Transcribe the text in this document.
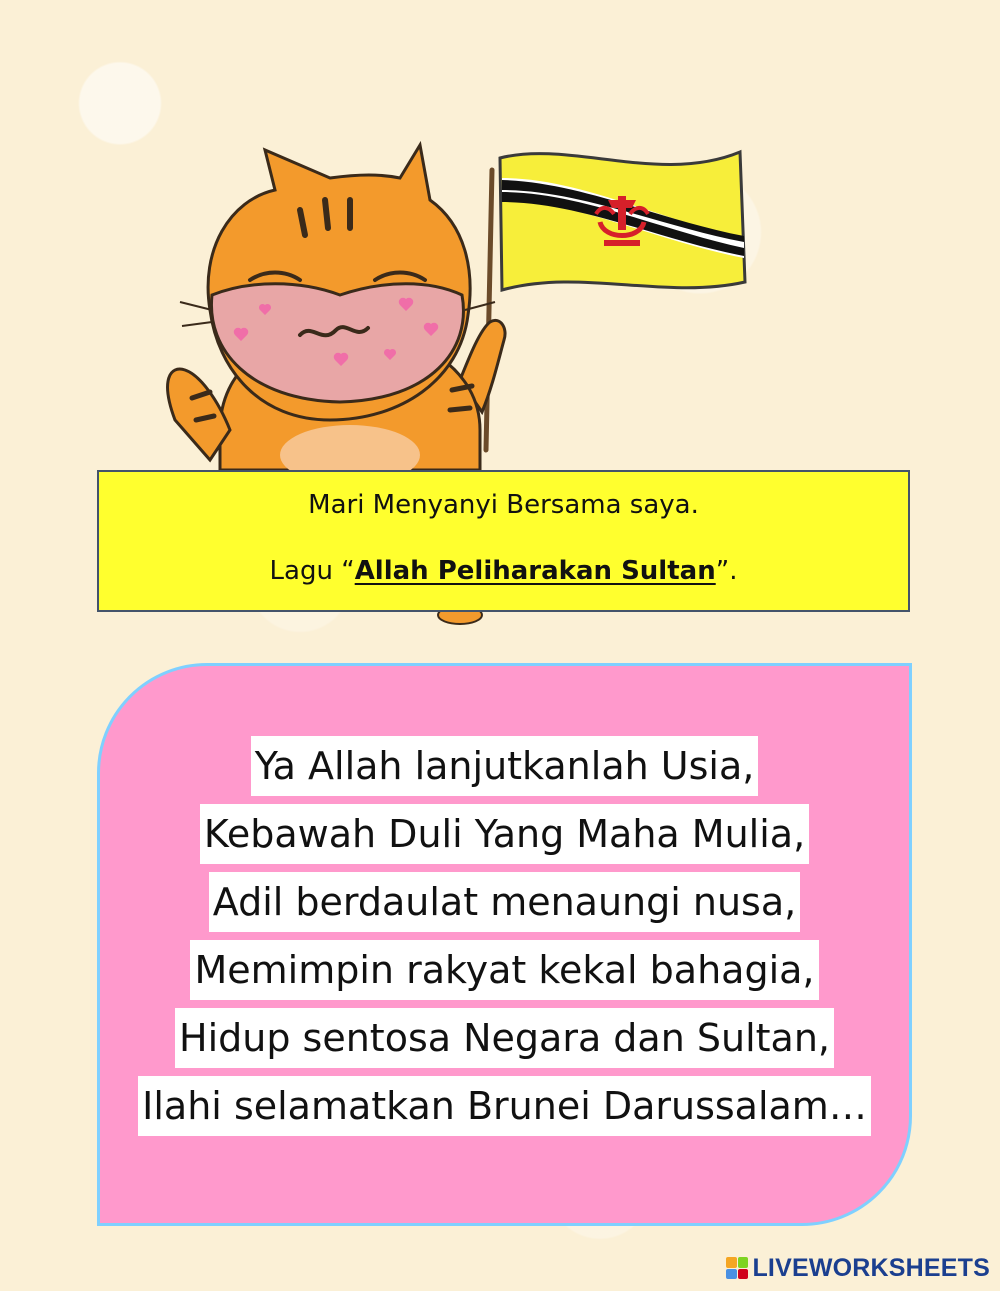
Mari Menyanyi Bersama saya.
Lagu “Allah Peliharakan Sultan”.
Ya Allah lanjutkanlah Usia,
Kebawah Duli Yang Maha Mulia,
Adil berdaulat menaungi nusa,
Memimpin rakyat kekal bahagia,
Hidup sentosa Negara dan Sultan,
Ilahi selamatkan Brunei Darussalam…
LIVEWORKSHEETS
